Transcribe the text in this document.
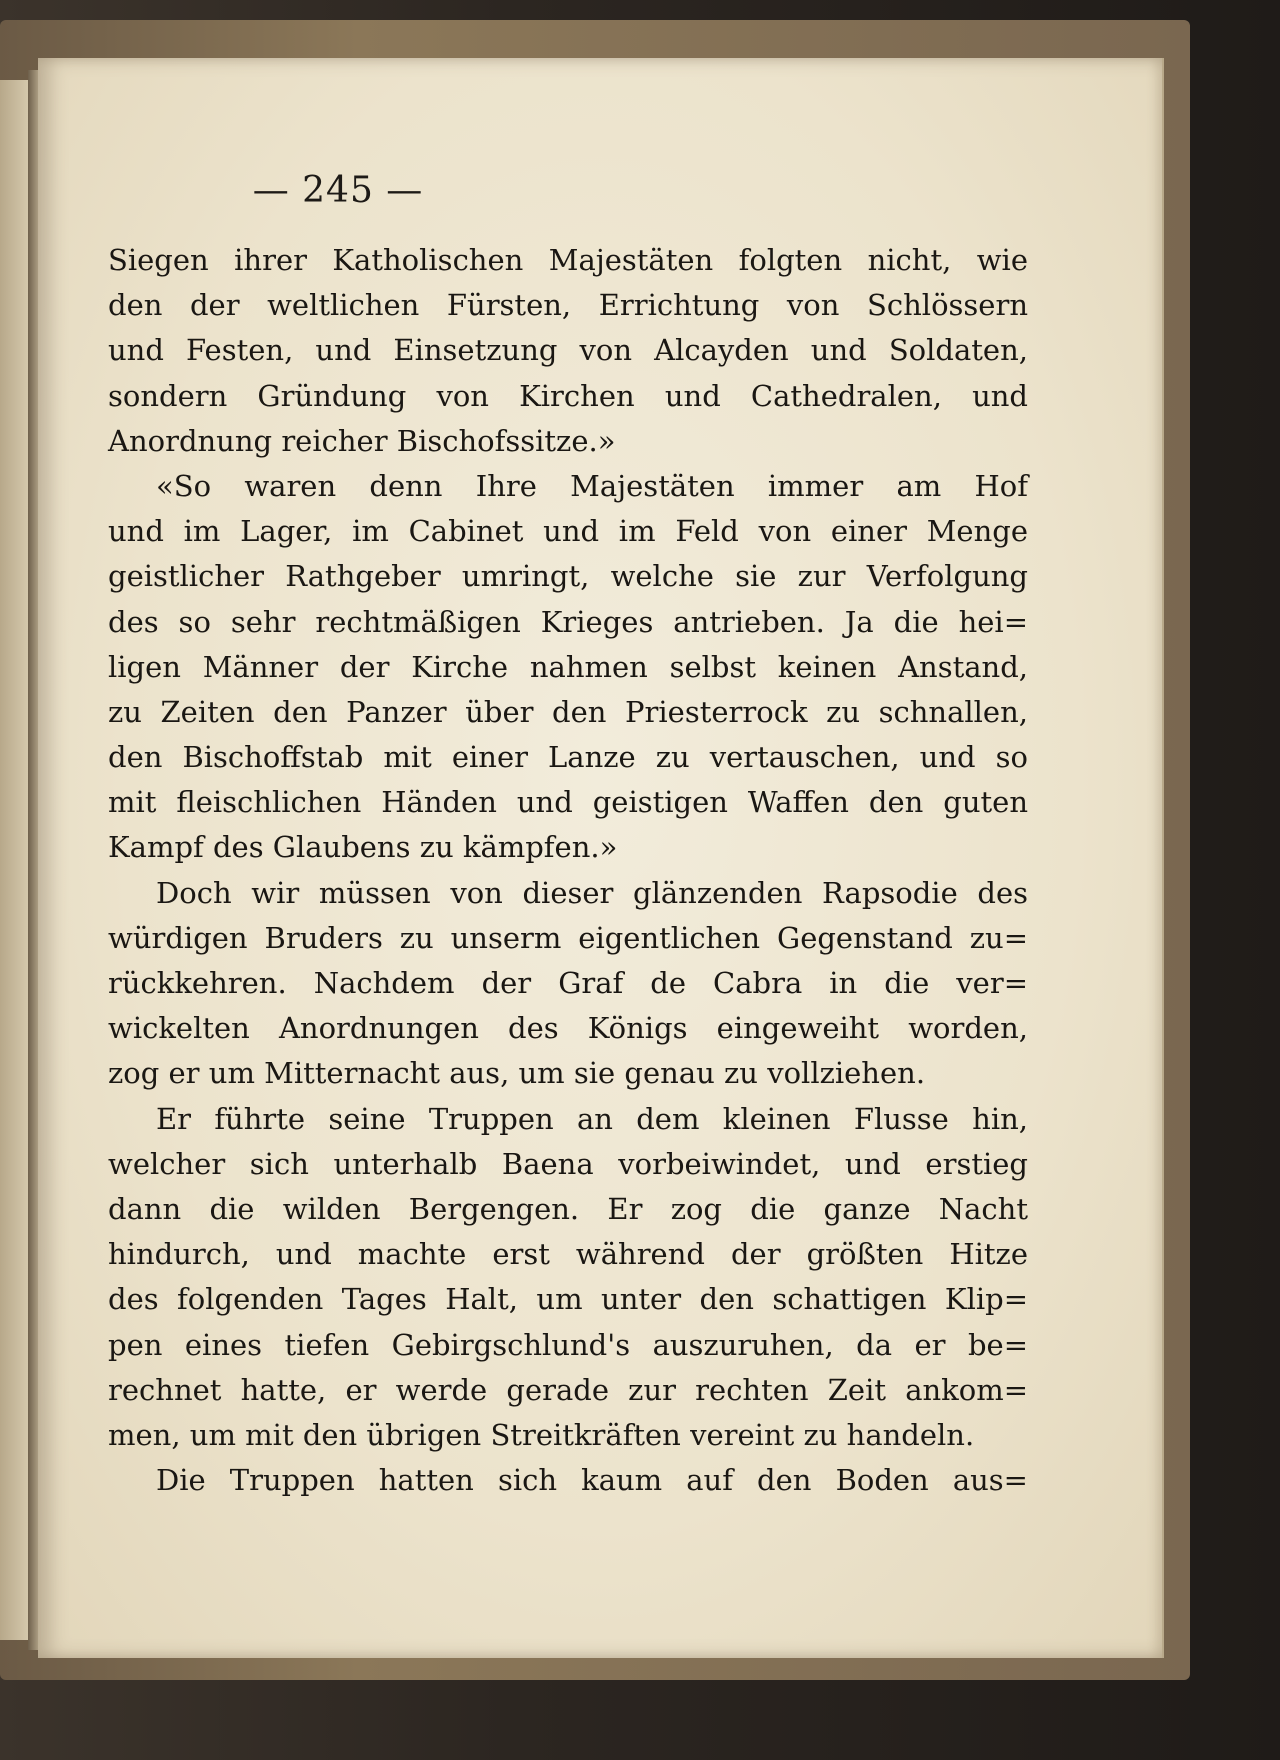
— 245 —
Siegen ihrer Katholischen Majestäten folgten nicht, wie
den der weltlichen Fürsten, Errichtung von Schlössern
und Festen, und Einsetzung von Alcayden und Soldaten,
sondern Gründung von Kirchen und Cathedralen, und
Anordnung reicher Bischofssitze.»
«So waren denn Ihre Majestäten immer am Hof
und im Lager, im Cabinet und im Feld von einer Menge
geistlicher Rathgeber umringt, welche sie zur Verfolgung
des so sehr rechtmäßigen Krieges antrieben. Ja die hei=
ligen Männer der Kirche nahmen selbst keinen Anstand,
zu Zeiten den Panzer über den Priesterrock zu schnallen,
den Bischoffstab mit einer Lanze zu vertauschen, und so
mit fleischlichen Händen und geistigen Waffen den guten
Kampf des Glaubens zu kämpfen.»
Doch wir müssen von dieser glänzenden Rapsodie des
würdigen Bruders zu unserm eigentlichen Gegenstand zu=
rückkehren. Nachdem der Graf de Cabra in die ver=
wickelten Anordnungen des Königs eingeweiht worden,
zog er um Mitternacht aus, um sie genau zu vollziehen.
Er führte seine Truppen an dem kleinen Flusse hin,
welcher sich unterhalb Baena vorbeiwindet, und erstieg
dann die wilden Bergengen. Er zog die ganze Nacht
hindurch, und machte erst während der größten Hitze
des folgenden Tages Halt, um unter den schattigen Klip=
pen eines tiefen Gebirgschlund's auszuruhen, da er be=
rechnet hatte, er werde gerade zur rechten Zeit ankom=
men, um mit den übrigen Streitkräften vereint zu handeln.
Die Truppen hatten sich kaum auf den Boden aus=
